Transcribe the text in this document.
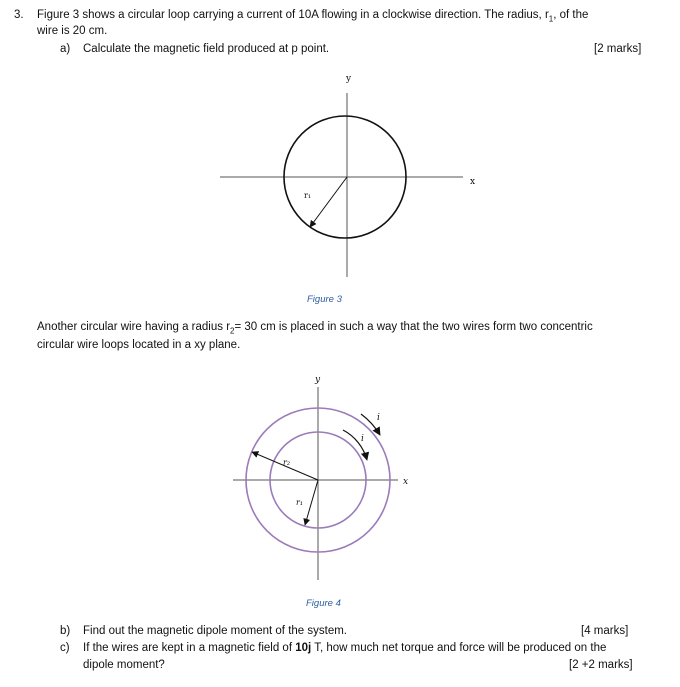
3. Figure 3 shows a circular loop carrying a current of 10A flowing in a clockwise direction. The radius, $r_1$, of the
wire is 20 cm.
a) Calculate the magnetic field produced at p point.	[2 marks]
y
x
r₁
Figure 3
Another circular wire having a radius $r_2= 30$ cm is placed in such a way that the two wires form two concentric
circular wire loops located in a xy plane.
y
x
r₁
r₂
i
i
Figure 4
b) Find out the magnetic dipole moment of the system.	[4 marks]
c) If the wires are kept in a magnetic field of 10j T, how much net torque and force will be produced on the
dipole moment?	[2 +2 marks]
